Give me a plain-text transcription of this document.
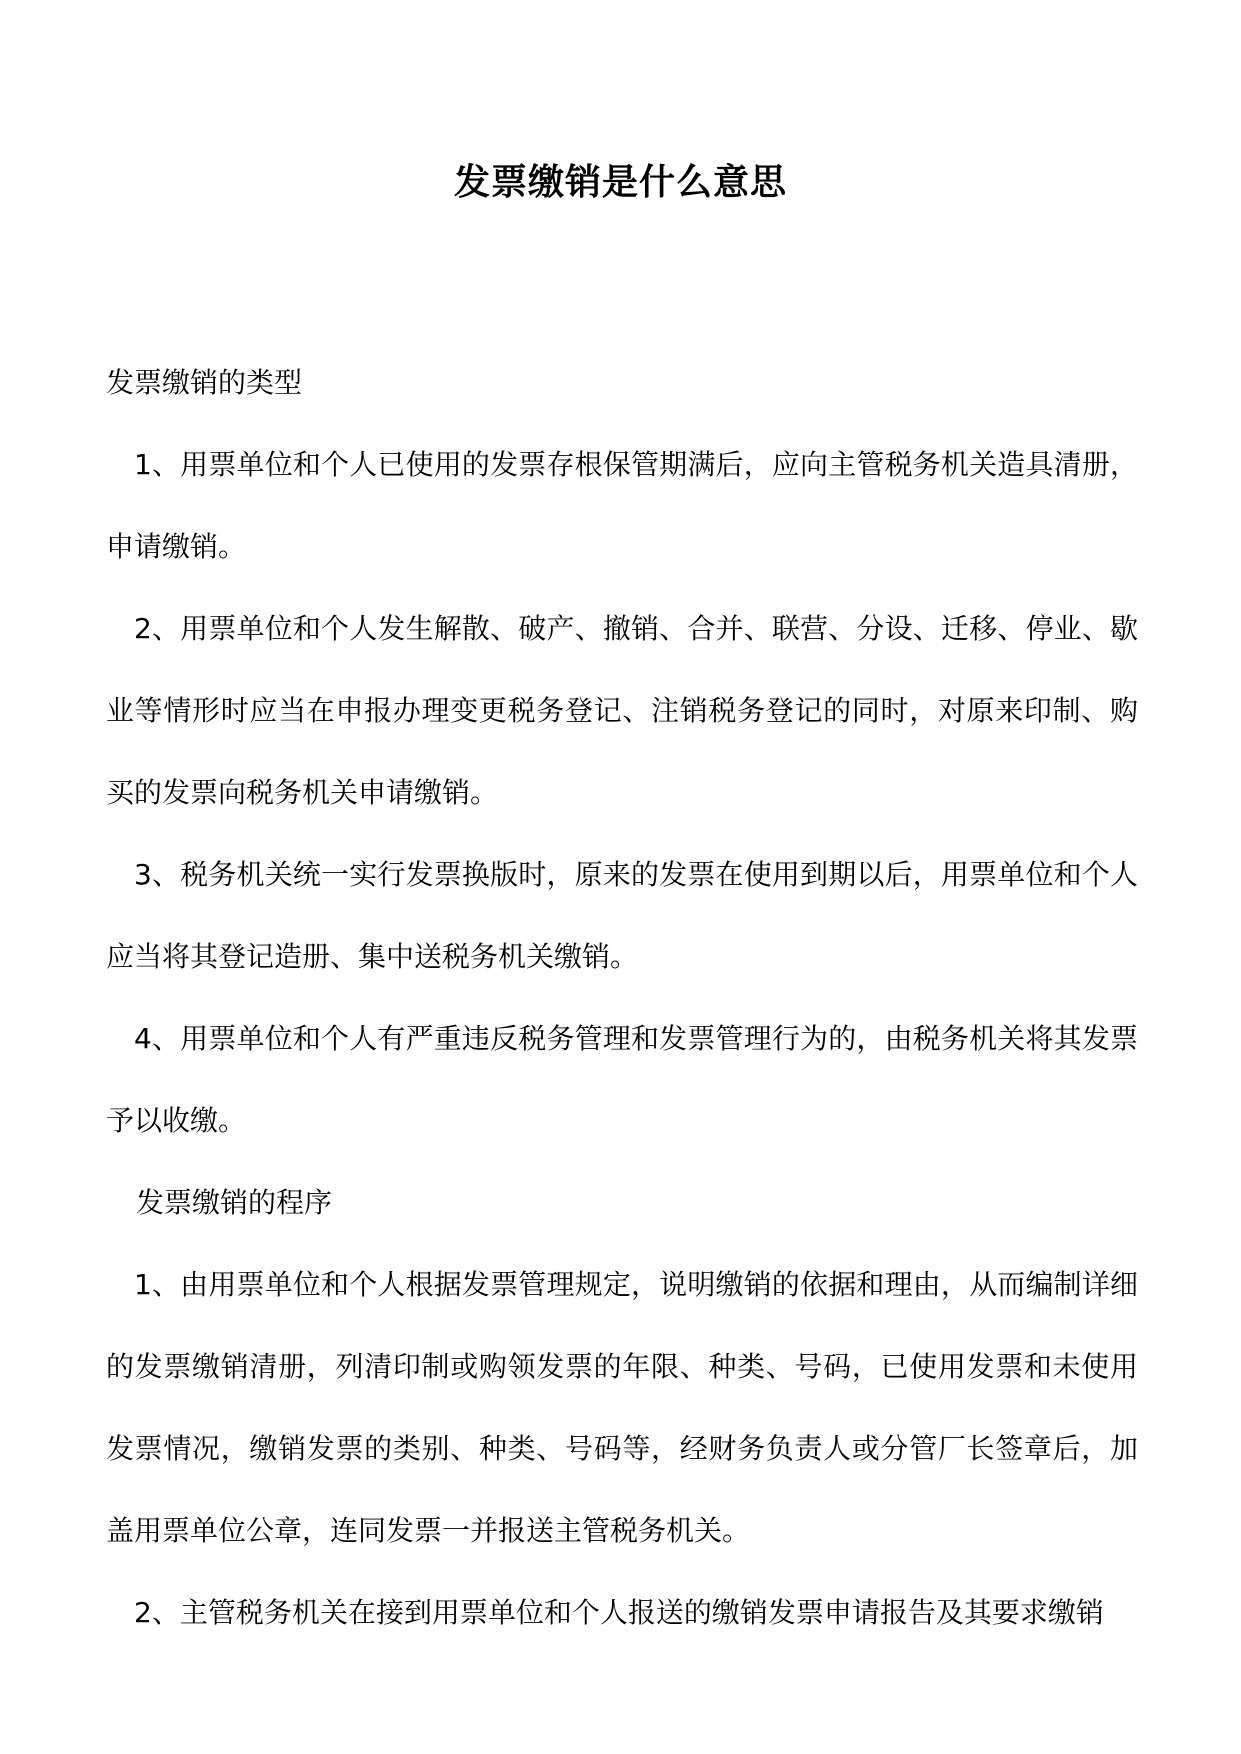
发票缴销是什么意思

发票缴销的类型

1、用票单位和个人已使用的发票存根保管期满后，应向主管税务机关造具清册，申请缴销。

2、用票单位和个人发生解散、破产、撤销、合并、联营、分设、迁移、停业、歇业等情形时应当在申报办理变更税务登记、注销税务登记的同时，对原来印制、购买的发票向税务机关申请缴销。

3、税务机关统一实行发票换版时，原来的发票在使用到期以后，用票单位和个人应当将其登记造册、集中送税务机关缴销。

4、用票单位和个人有严重违反税务管理和发票管理行为的，由税务机关将其发票予以收缴。

发票缴销的程序

1、由用票单位和个人根据发票管理规定，说明缴销的依据和理由，从而编制详细的发票缴销清册，列清印制或购领发票的年限、种类、号码，已使用发票和未使用发票情况，缴销发票的类别、种类、号码等，经财务负责人或分管厂长签章后，加盖用票单位公章，连同发票一并报送主管税务机关。

2、主管税务机关在接到用票单位和个人报送的缴销发票申请报告及其要求缴销
